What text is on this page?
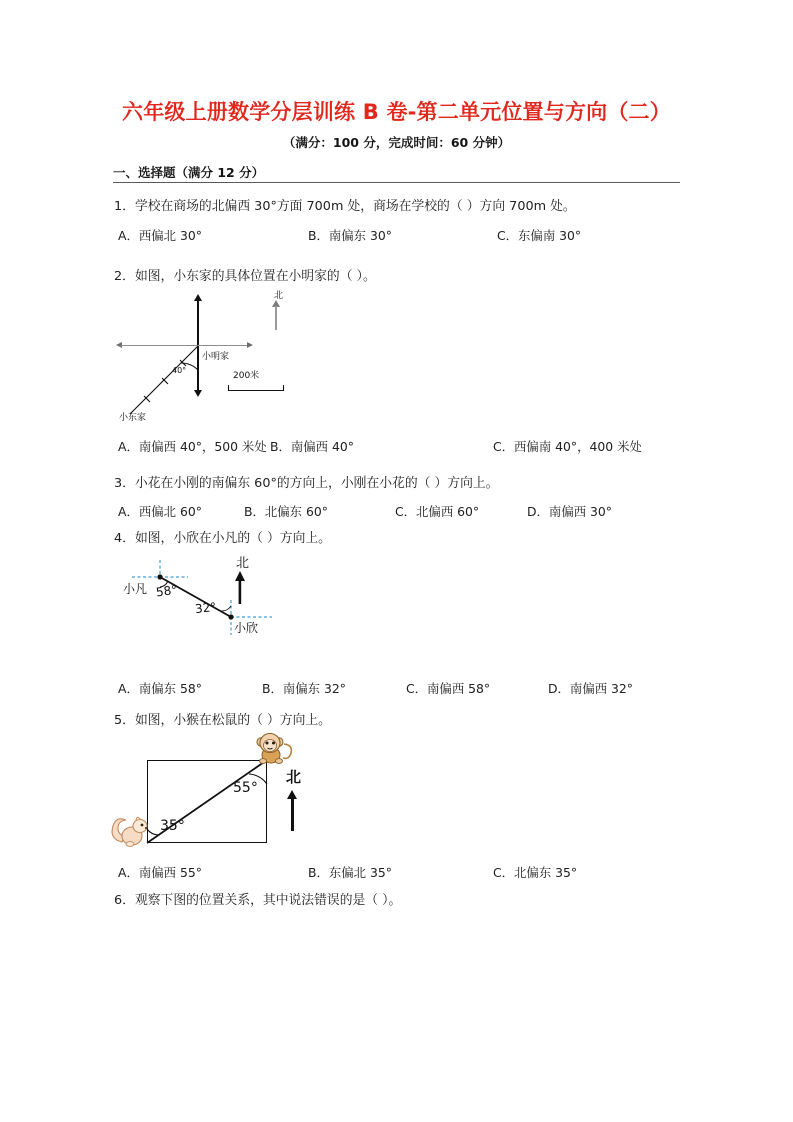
六年级上册数学分层训练 B 卷-第二单元位置与方向（二）
（满分：100 分，完成时间：60 分钟）
一、选择题（满分 12 分）
1．学校在商场的北偏西 30°方面 700m 处，商场在学校的（ ）方向 700m 处。
A．西偏北 30°	B．南偏东 30°	C．东偏南 30°
2．如图，小东家的具体位置在小明家的（ ）。
小明家
40°
小东家
北
200米
A．南偏西 40°，500 米处 B．南偏西 40°	C．西偏南 40°，400 米处
3．小花在小刚的南偏东 60°的方向上，小刚在小花的（ ）方向上。
A．西偏北 60°	B．北偏东 60°	C．北偏西 60°	D．南偏西 30°
4．如图，小欣在小凡的（ ）方向上。
小凡 58°
32°
小欣
北
A．南偏东 58°	B．南偏东 32°	C．南偏西 58°	D．南偏西 32°
5．如图，小猴在松鼠的（ ）方向上。
35°
55°
北
A．南偏西 55°	B．东偏北 35°	C．北偏东 35°
6．观察下图的位置关系，其中说法错误的是（ ）。
